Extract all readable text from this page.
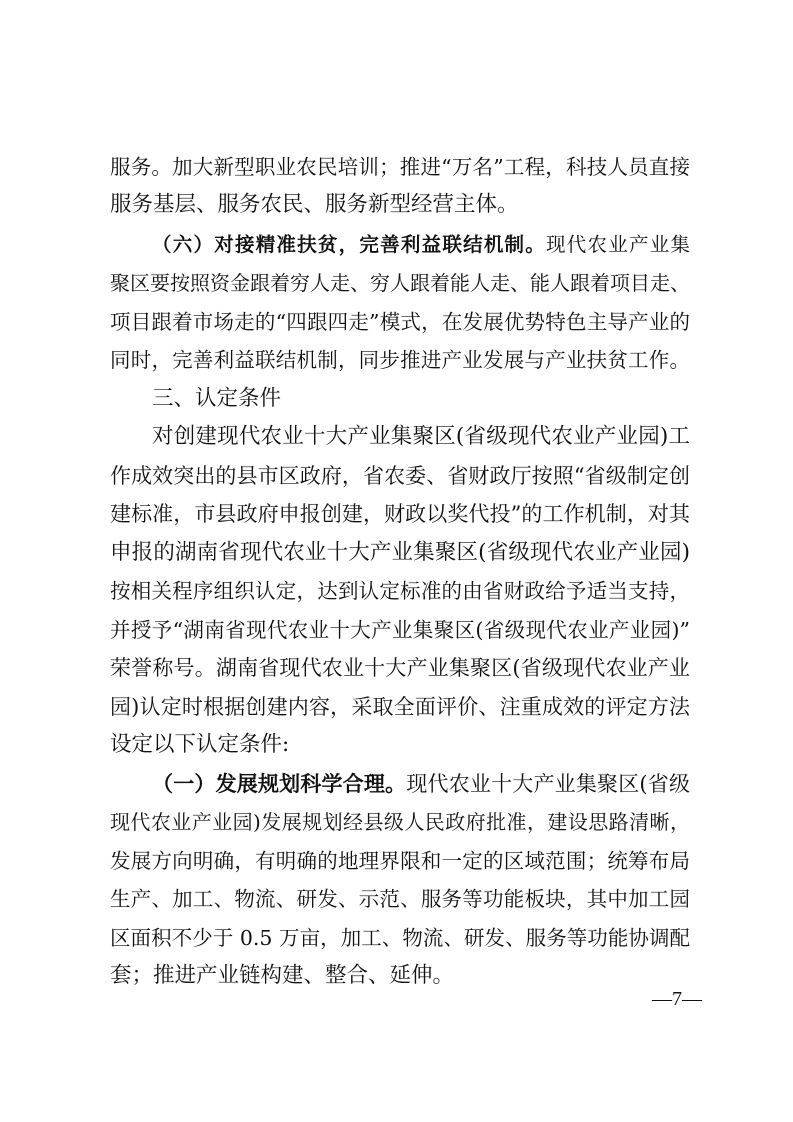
服务。加大新型职业农民培训；推进“万名”工程，科技人员直接
服务基层、服务农民、服务新型经营主体。
（六）对接精准扶贫，完善利益联结机制。现代农业产业集
聚区要按照资金跟着穷人走、穷人跟着能人走、能人跟着项目走、
项目跟着市场走的“四跟四走”模式，在发展优势特色主导产业的
同时，完善利益联结机制，同步推进产业发展与产业扶贫工作。
三、认定条件
对创建现代农业十大产业集聚区(省级现代农业产业园)工
作成效突出的县市区政府，省农委、省财政厅按照“省级制定创
建标准，市县政府申报创建，财政以奖代投”的工作机制，对其
申报的湖南省现代农业十大产业集聚区(省级现代农业产业园)
按相关程序组织认定，达到认定标准的由省财政给予适当支持，
并授予“湖南省现代农业十大产业集聚区(省级现代农业产业园)”
荣誉称号。湖南省现代农业十大产业集聚区(省级现代农业产业
园)认定时根据创建内容，采取全面评价、注重成效的评定方法
设定以下认定条件:
（一）发展规划科学合理。现代农业十大产业集聚区(省级
现代农业产业园)发展规划经县级人民政府批准，建设思路清晰，
发展方向明确，有明确的地理界限和一定的区域范围；统筹布局
生产、加工、物流、研发、示范、服务等功能板块，其中加工园
区面积不少于 0.5 万亩，加工、物流、研发、服务等功能协调配
套；推进产业链构建、整合、延伸。
—7—
